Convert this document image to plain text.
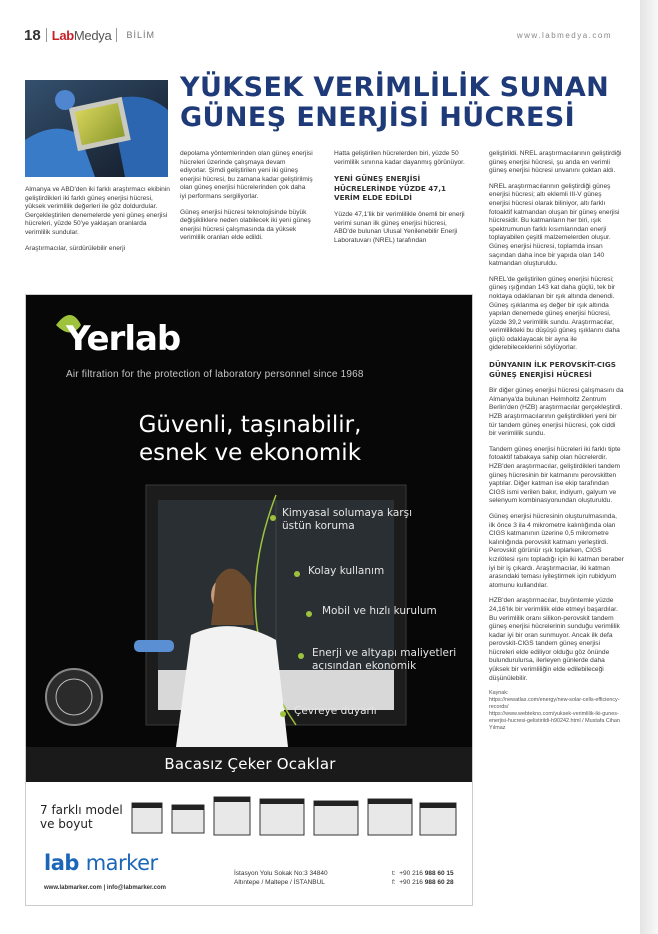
18 LabMedya BİLİM	www.labmedya.com
YÜKSEK VERİMLİLİK SUNAN
GÜNEŞ ENERJİSİ HÜCRESİ

Almanya ve ABD'den iki farklı araştırmacı ekibinin geliştirdikleri iki farklı güneş enerjisi hücresi, yüksek verimlilik değerleri ile göz doldurdular. Gerçekleştirilen denemelerde yeni güneş enerjisi hücreleri, yüzde 50'ye yaklaşan oranlarda verimlilik sundular.

Araştırmacılar, sürdürülebilir enerji

depolama yöntemlerinden olan güneş enerjisi hücreleri üzerinde çalışmaya devam ediyorlar. Şimdi geliştirilen yeni iki güneş enerjisi hücresi, bu zamana kadar geliştirilmiş olan güneş enerjisi hücrelerinden çok daha iyi performans sergiliyorlar.

Güneş enerjisi hücresi teknolojisinde büyük değişikliklere neden olabilecek iki yeni güneş enerjisi hücresi çalışmasında da yüksek verimlilik oranları elde edildi.

Hatta geliştirilen hücrelerden biri, yüzde 50 verimlilik sınırına kadar dayanmış görünüyor.

YENİ GÜNEŞ ENERJİSİ HÜCRELERİNDE YÜZDE 47,1 VERİM ELDE EDİLDİ

Yüzde 47,1'lik bir verimlilikle önemli bir enerji verimi sunan ilk güneş enerjisi hücresi, ABD'de bulunan Ulusal Yenilenebilir Enerji Laboratuvarı (NREL) tarafından

geliştirildi. NREL araştırmacılarının geliştirdiği güneş enerjisi hücresi, şu anda en verimli güneş enerjisi hücresi unvanını çoktan aldı.

NREL araştırmacılarının geliştirdiği güneş enerjisi hücresi; altı eklemli III-V güneş enerjisi hücresi olarak biliniyor, altı farklı fotoaktif katmandan oluşan bir güneş enerjisi hücresidir. Bu katmanların her biri, ışık spektrumunun farklı kısımlarından enerji toplayabilen çeşitli malzemelerden oluşur. Güneş enerjisi hücresi, toplamda insan saçından daha ince bir yapıda olan 140 katmandan oluşturuldu.

NREL'de geliştirilen güneş enerjisi hücresi; güneş ışığından 143 kat daha güçlü, tek bir noktaya odaklanan bir ışık altında denendi. Güneş ışıklanma eş değer bir ışık altında yapılan denemede güneş enerjisi hücresi, yüzde 39,2 verimlilik sundu. Araştırmacılar, verimlilikteki bu düşüşü güneş ışıklarını daha güçlü odaklayacak bir ayna ile giderebileceklerini söylüyorlar.

DÜNYANIN İLK PEROVSKİT-CIGS GÜNEŞ ENERJİSİ HÜCRESİ

Bir diğer güneş enerjisi hücresi çalışmasını da Almanya'da bulunan Helmholtz Zentrum Berlin'den (HZB) araştırmacılar gerçekleştirdi. HZB araştırmacılarının geliştirdikleri yeni bir tür tandem güneş enerjisi hücresi, çok ciddi bir verimlilik sundu.

Tandem güneş enerjisi hücreleri iki farklı tipte fotoaktif tabakaya sahip olan hücrelerdir. HZB'den araştırmacılar, geliştirdikleri tandem güneş hücresinin bir katmanını perovskitten yaptılar. Diğer katman ise ekip tarafından CIGS ismi verilen bakır, indiyum, galyum ve selenyum kombinasyonundan oluşturuldu.

Güneş enerjisi hücresinin oluşturulmasında, ilk önce 3 ila 4 mikrometre kalınlığında olan CIGS katmanının üzerine 0,5 mikrometre kalınlığında perovskit katmanı yerleştirdi. Perovskit görünür ışık toplarken, CIGS kızılötesi ışını topladığı için iki katman beraber iyi bir iş çıkardı. Araştırmacılar, iki katman arasındaki teması iyileştirmek için rubidyum atomunu kullandılar.

HZB'den araştırmacılar, buyöntemle yüzde 24,16'lık bir verimlilik elde etmeyi başardılar. Bu verimlilik oranı silikon-perovskit tandem güneş enerjisi hücrelerinin sunduğu verimlilik kadar iyi bir oran sunmuyor. Ancak ilk defa perovskit-CIGS tandem güneş enerjisi hücreleri elde ediliyor olduğu göz önünde bulundurulursa, ilerleyen günlerde daha yüksek bir verimliliğin elde edilebileceği düşünülebilir.

Kaynak:
https://newatlas.com/energy/new-solar-cells-efficiency-records/
https://www.webtekno.com/yuksek-verimlilik-iki-gunes-enerjisi-hucresi-gelistirildi-h90242.html / Mustafa Cihan Yılmaz
Yerlab
Air filtration for the protection of laboratory personnel since 1968
Güvenli, taşınabilir,
esnek ve ekonomik
Kimyasal solumaya karşı üstün koruma
Kolay kullanım
Mobil ve hızlı kurulum
Enerji ve altyapı maliyetleri açısından ekonomik
Çevreye duyarlı
Bacasız Çeker Ocaklar
7 farklı model
ve boyut
lab marker
www.labmarker.com | info@labmarker.com
İstasyon Yolu Sokak No:3 34840
Altıntepe / Maltepe / İSTANBUL
t: +90 216 988 60 15
f: +90 216 988 60 28
